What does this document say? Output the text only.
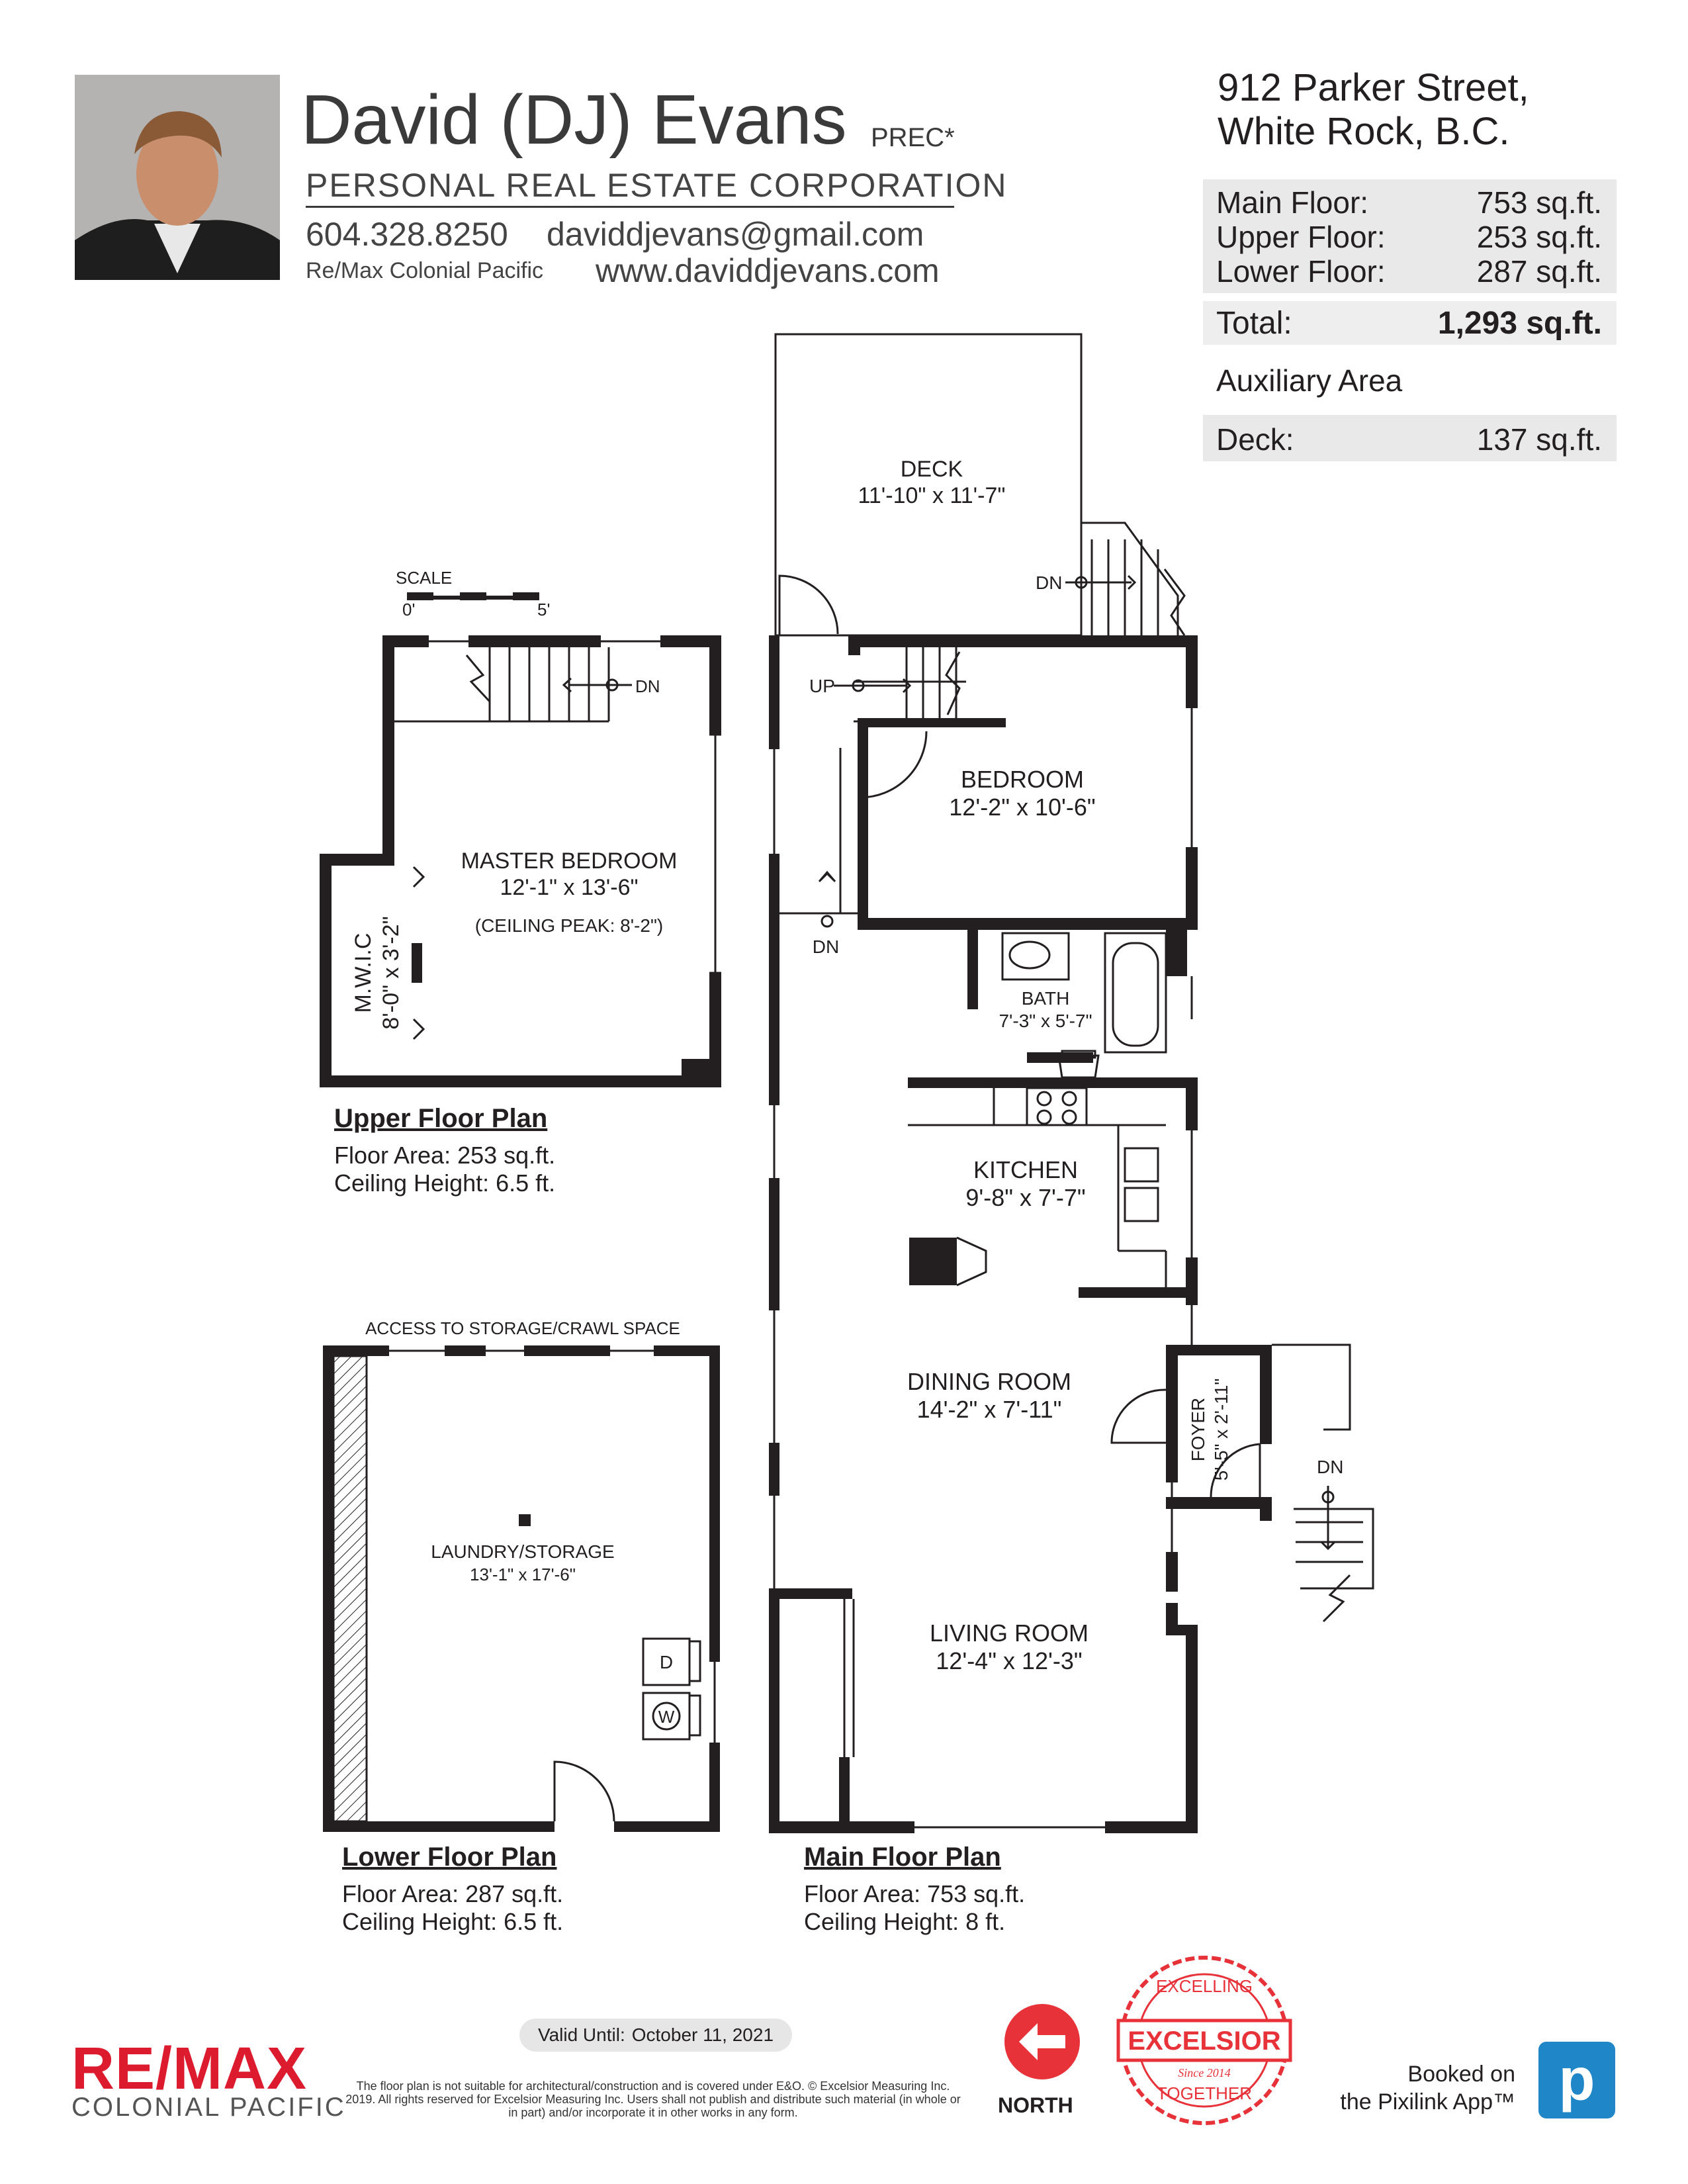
David (DJ) Evans PREC*
PERSONAL REAL ESTATE CORPORATION
604.328.8250 daviddjevans@gmail.com
Re/Max Colonial Pacific www.daviddjevans.com
912 Parker Street,
White Rock, B.C.
Main Floor:	753 sq.ft.
Upper Floor:	253 sq.ft.
Lower Floor:	287 sq.ft.
Total:	1,293 sq.ft.
Auxiliary Area
Deck:	137 sq.ft.
SCALE
0'	5'
DN
MASTER BEDROOM
12'-1" x 13'-6"
(CEILING PEAK: 8'-2")
M.W.I.C 8'-0" x 3'-2"
ACCESS TO STORAGE/CRAWL SPACE
LAUNDRY/STORAGE
13'-1" x 17'-6"
D
W
DECK
11'-10" x 11'-7"
DN
UP
DN
BEDROOM
12'-2" x 10'-6"
BATH
7'-3" x 5'-7"
KITCHEN
9'-8" x 7'-7"
DINING ROOM
14'-2" x 7'-11"
LIVING ROOM
12'-4" x 12'-3"
FOYER 5'-5" x 2'-11"	DN
EXCELSIOR
EXCELLING
Since 2014
TOGETHER
Upper Floor Plan
Floor Area: 253 sq.ft.
Ceiling Height: 6.5 ft.
Lower Floor Plan
Floor Area: 287 sq.ft.
Ceiling Height: 6.5 ft.
Main Floor Plan
Floor Area: 753 sq.ft.
Ceiling Height: 8 ft.
RE/MAX
COLONIAL PACIFIC
Valid Until: October 11, 2021
The floor plan is not suitable for architectural/construction and is covered under E&O. © Excelsior Measuring Inc. 2019. All rights reserved for Excelsior Measuring Inc. Users shall not publish and distribute such material (in whole or in part) and/or incorporate it in other works in any form.	NORTH
Booked on
the Pixilink App™ p
